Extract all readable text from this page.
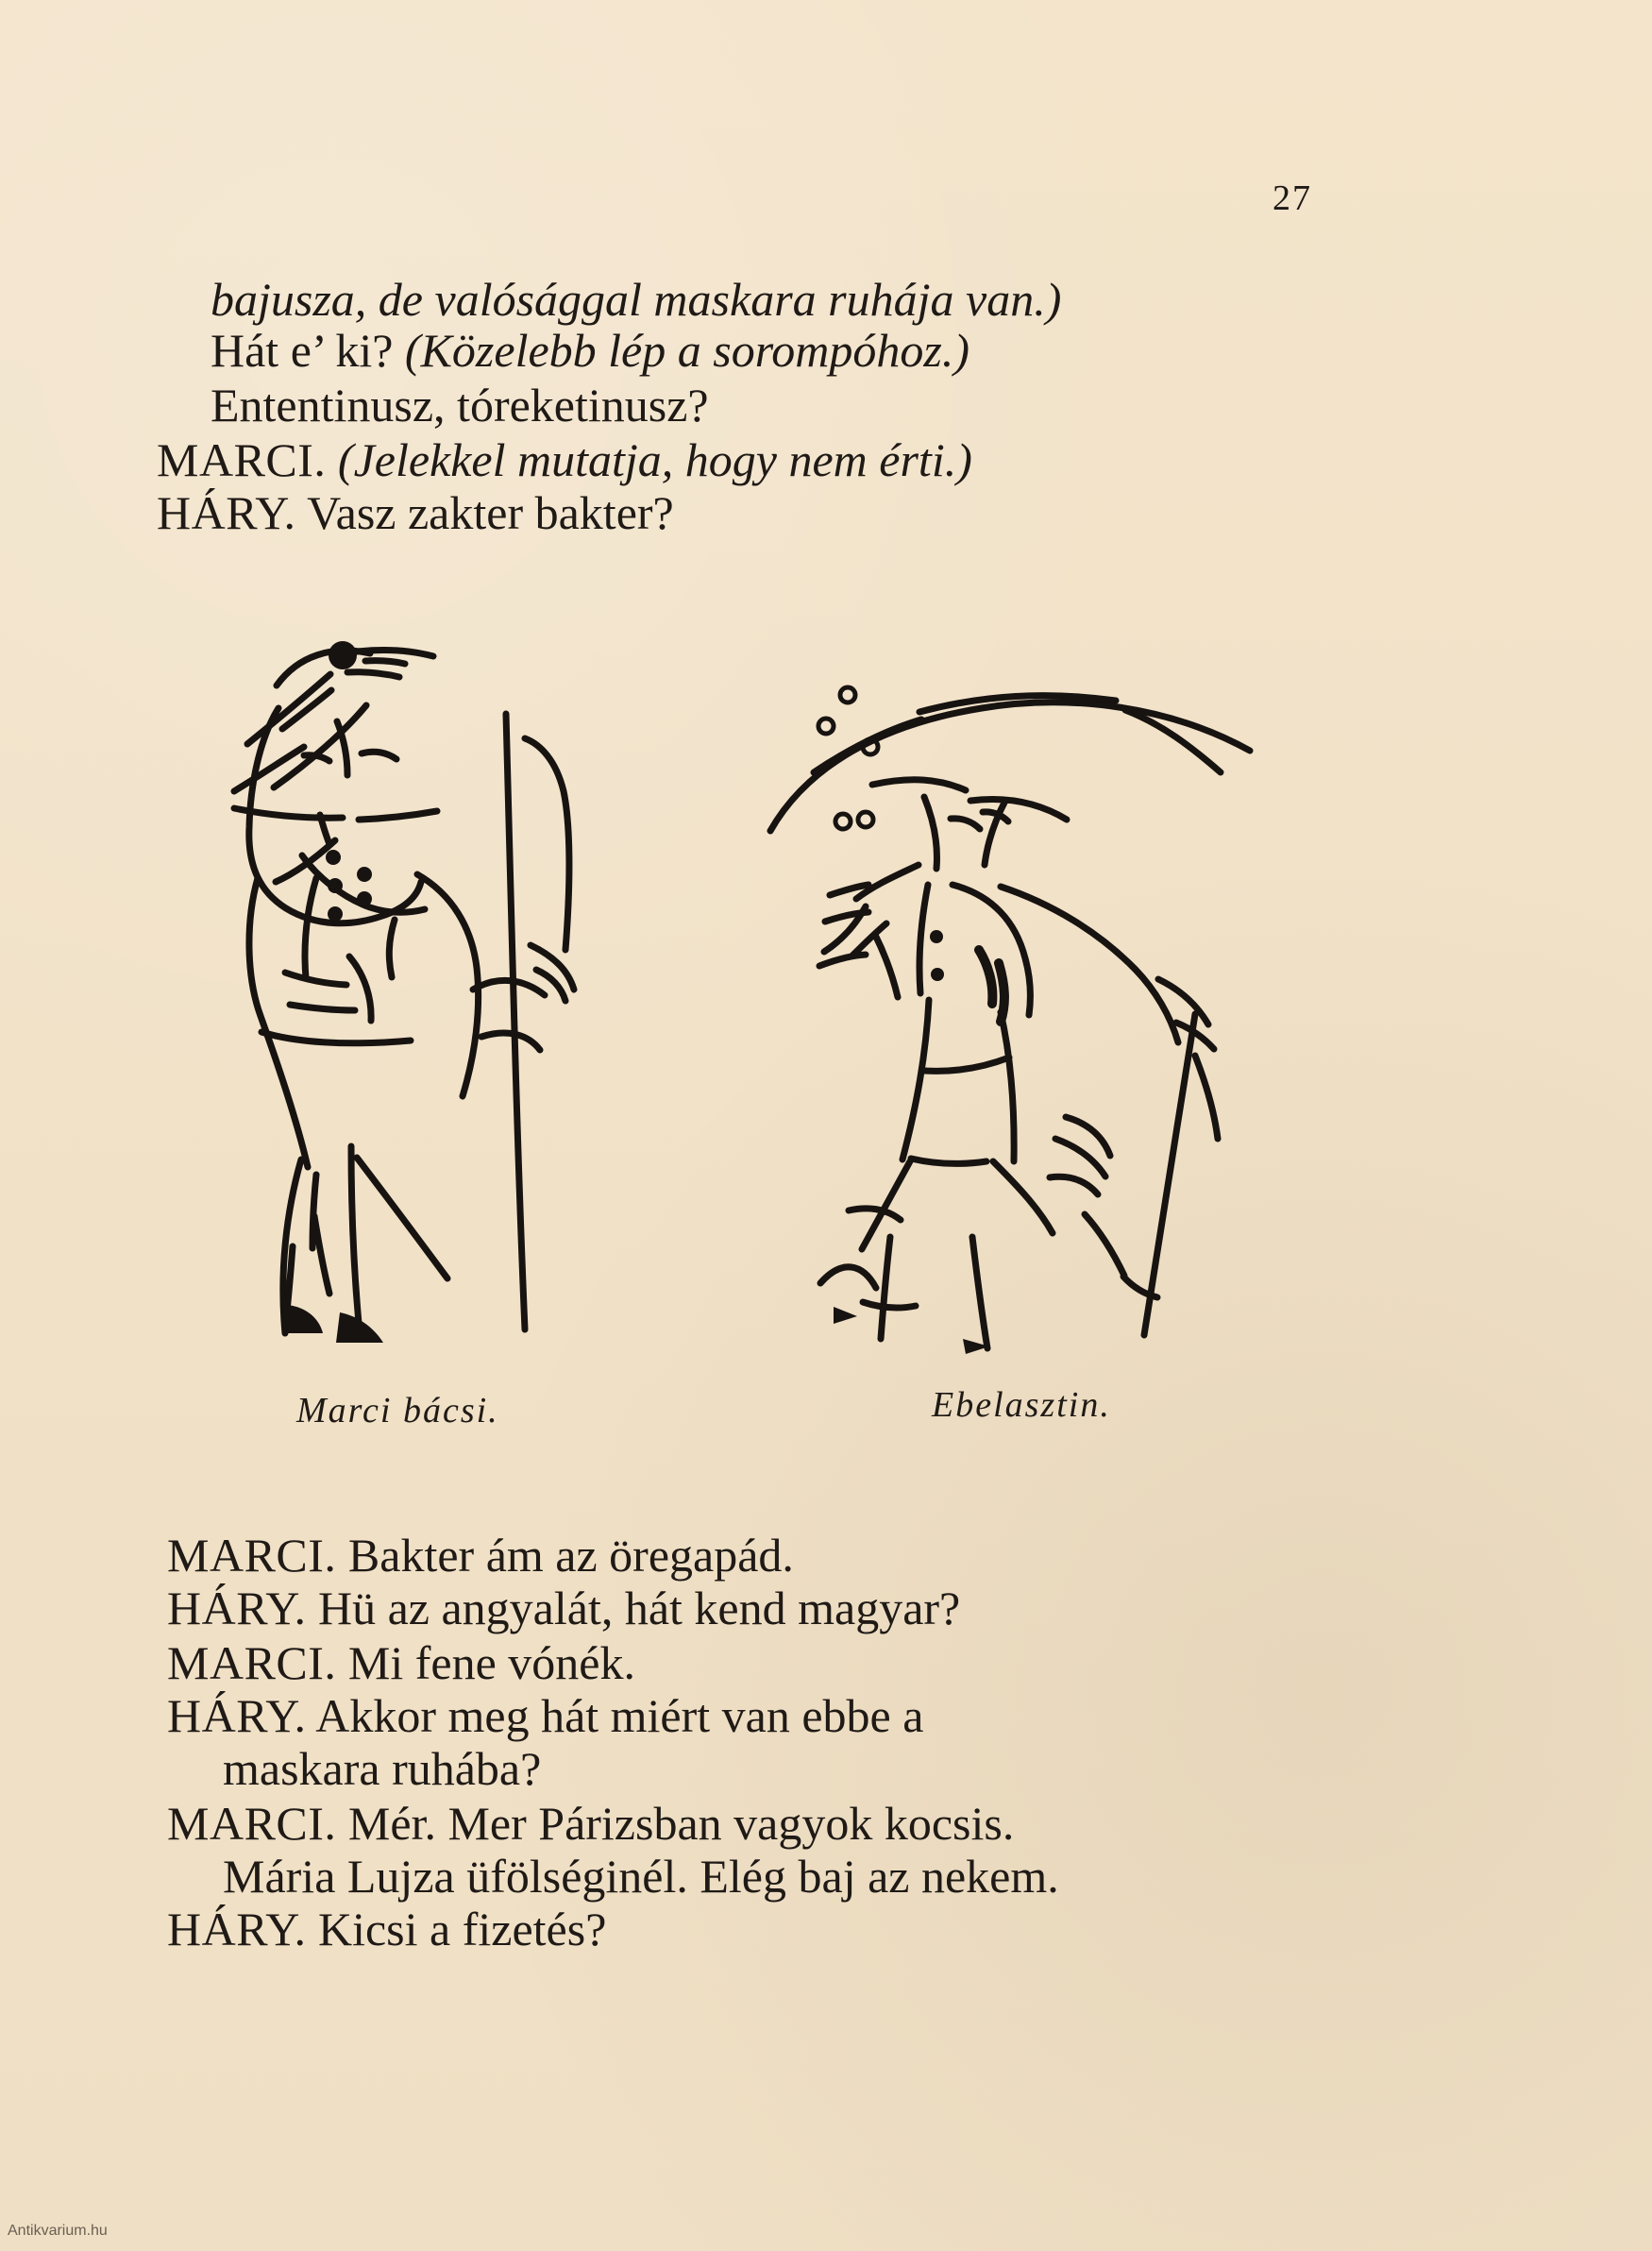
27
bajusza, de valósággal maskara ruhája van.)
Hát e’ ki? (Közelebb lép a sorompóhoz.)
Ententinusz, tóreketinusz?
MARCI. (Jelekkel mutatja, hogy nem érti.)
HÁRY. Vasz zakter bakter?
Marci bácsi.	Ebelasztin.
MARCI. Bakter ám az öregapád.
HÁRY. Hü az angyalát, hát kend magyar?
MARCI. Mi fene vónék.
HÁRY. Akkor meg hát miért van ebbe a
maskara ruhába?
MARCI. Mér. Mer Párizsban vagyok kocsis.
Mária Lujza üfölséginél. Elég baj az nekem.
HÁRY. Kicsi a fizetés?
Antikvarium.hu
